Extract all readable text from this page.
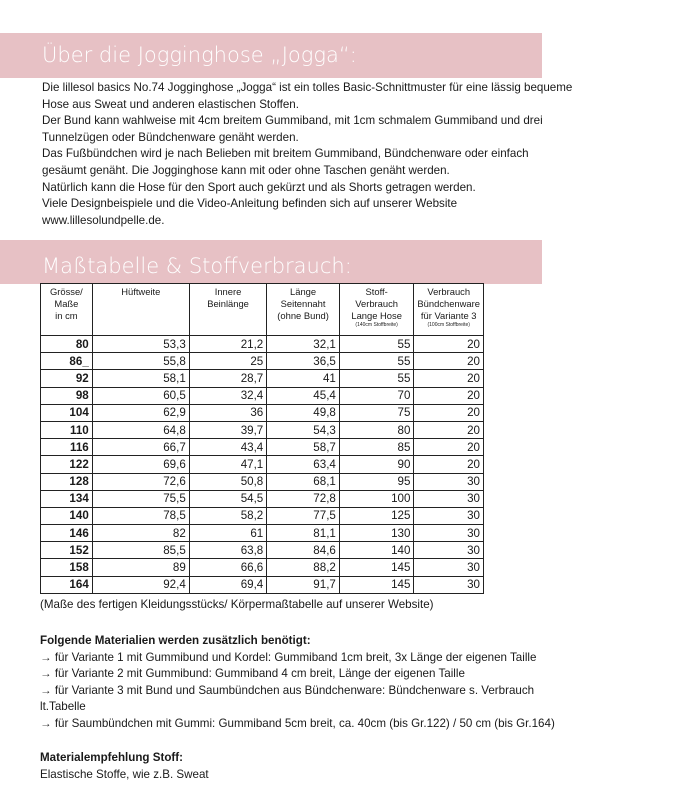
Über die Jogginghose „Jogga“:

Die lillesol basics No.74 Jogginghose „Jogga“ ist ein tolles Basic-Schnittmuster für eine lässig bequeme

Hose aus Sweat und anderen elastischen Stoffen.

Der Bund kann wahlweise mit 4cm breitem Gummiband, mit 1cm schmalem Gummiband und drei

Tunnelzügen oder Bündchenware genäht werden.

Das Fußbündchen wird je nach Belieben mit breitem Gummiband, Bündchenware oder einfach

gesäumt genäht. Die Jogginghose kann mit oder ohne Taschen genäht werden.

Natürlich kann die Hose für den Sport auch gekürzt und als Shorts getragen werden.

Viele Designbeispiele und die Video-Anleitung befinden sich auf unserer Website

www.lillesolundpelle.de.

Maßtabelle & Stoffverbrauch:
Grösse/
Maße
in cm	Hüftweite	Innere
Beinlänge	Länge
Seitennaht
(ohne Bund)	Stoff-
Verbrauch
Lange Hose

(140cm Stoffbreite)	Verbrauch
Bündchenware
für Variante 3

(100cm Stoffbreite)

80	53,3	21,2	32,1	55	20
86_	55,8	25	36,5	55	20
92	58,1	28,7	41	55	20
98	60,5	32,4	45,4	70	20
104	62,9	36	49,8	75	20
110	64,8	39,7	54,3	80	20
116	66,7	43,4	58,7	85	20
122	69,6	47,1	63,4	90	20
128	72,6	50,8	68,1	95	30
134	75,5	54,5	72,8	100	30
140	78,5	58,2	77,5	125	30
146	82	61	81,1	130	30
152	85,5	63,8	84,6	140	30
158	89	66,6	88,2	145	30
164	92,4	69,4	91,7	145	30
(Maße des fertigen Kleidungsstücks/ Körpermaßtabelle auf unserer Website)

Folgende Materialien werden zusätzlich benötigt:

→ für Variante 1 mit Gummibund und Kordel: Gummiband 1cm breit, 3x Länge der eigenen Taille

→ für Variante 2 mit Gummibund: Gummiband 4 cm breit, Länge der eigenen Taille

→ für Variante 3 mit Bund und Saumbündchen aus Bündchenware: Bündchenware s. Verbrauch

lt.Tabelle

→ für Saumbündchen mit Gummi: Gummiband 5cm breit, ca. 40cm (bis Gr.122) / 50 cm (bis Gr.164)

Materialempfehlung Stoff:

Elastische Stoffe, wie z.B. Sweat
